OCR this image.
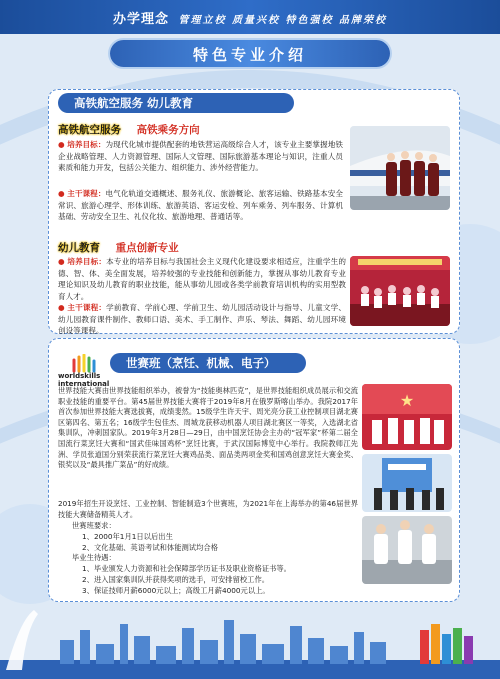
办学理念 管理立校 质量兴校 特色强校 品牌荣校
特色专业介绍
高铁航空服务 幼儿教育
高铁航空服务 高铁乘务方向
● 培养目标：为现代化城市提供配套的地铁营运高级综合人才，该专业主要掌握地铁企业战略管理、人力资源管理、国际人文管理、国际旅游基本理论与知识，注重人员素质和能力开发，包括公关能力、组织能力、涉外经营能力。
● 主干课程：电气化轨道交通概述、服务礼仪、旅游概论、旅客运输、铁路基本安全常识、旅游心理学、形体训练、旅游英语、客运安检、列车乘务、列车服务、计算机基础、劳动安全卫生、礼仪化妆、旅游地理、普通话等。
幼儿教育 重点创新专业
● 培养目标：本专业的培养目标与我国社会主义现代化建设要求相适应，注重学生的德、智、体、美全面发展，培养较强的专业技能和创新能力，掌握从事幼儿教育专业理论知识及幼儿教育的职业技能，能从事幼儿园或各类学前教育培训机构的实用型教育人才。
● 主干课程：学前教育、学前心理、学前卫生、幼儿园活动设计与指导、儿童文学、幼儿园教育课件制作、教师口语、美术、手工制作、声乐、琴法、舞蹈、幼儿园环境创设等课程。
worldskills
international
世赛班（烹饪、机械、电子）
世界技能大赛由世界技能组织举办，被誉为“技能奥林匹克”，是世界技能组织成员展示和交流职业技能的重要平台。第45届世界技能大赛将于2019年8月在俄罗斯喀山举办。我院2017年首次参加世界技能大赛选拔赛，成绩斐然。15级学生许天宇、周光亮分获工业控制项目湖北赛区第四名、第五名；16级学生包佳杰、周城龙获移动机器人项目湖北赛区一等奖，入选湖北省集训队，冲刺国家队。2019年3月28日—29日，由中国烹饪协会主办的“冠军家”杯第二届全国流行菜烹饪大赛和“国武佳味国鸡杯”烹饪比赛，于武汉国际博览中心举行。我院教师江先洲、学员张道国分别荣获流行菜烹饪大赛鸡品类、面品类两项金奖和国鸡创意烹饪大赛金奖、银奖以及“最具推广菜品”的好成绩。
★
2019年招生开设烹饪、工业控制、智能制造3个世赛班，为2021年在上海举办的第46届世界技能大赛储备精英人才。
世赛班要求：
1、2000年1月1日以后出生
2、文化基础、英语考试和体能测试均合格
毕业生待遇：
1、毕业颁发人力资源和社会保障部学历证书及职业资格证书等。
2、进入国家集训队并获得奖项的选手，可安排留校工作。
3、保证技师月薪6000元以上；高级工月薪4000元以上。
